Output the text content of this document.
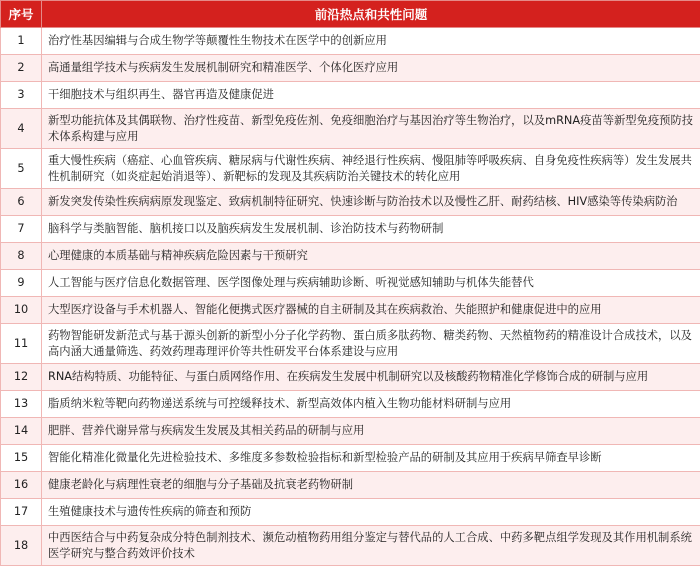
序号	前沿热点和共性问题
1	治疗性基因编辑与合成生物学等颠覆性生物技术在医学中的创新应用
2	高通量组学技术与疾病发生发展机制研究和精准医学、个体化医疗应用
3	干细胞技术与组织再生、器官再造及健康促进
4	新型功能抗体及其偶联物、治疗性疫苗、新型免疫佐剂、免疫细胞治疗与基因治疗等生物治疗，以及mRNA疫苗等新型免疫预防技术体系构建与应用
5	重大慢性疾病（癌症、心血管疾病、糖尿病与代谢性疾病、神经退行性疾病、慢阻肺等呼吸疾病、自身免疫性疾病等）发生发展共性机制研究（如炎症起始消退等）、新靶标的发现及其疾病防治关键技术的转化应用
6	新发突发传染性疾病病原发现鉴定、致病机制特征研究、快速诊断与防治技术以及慢性乙肝、耐药结核、HIV感染等传染病防治
7	脑科学与类脑智能、脑机接口以及脑疾病发生发展机制、诊治防技术与药物研制
8	心理健康的本质基础与精神疾病危险因素与干预研究
9	人工智能与医疗信息化数据管理、医学图像处理与疾病辅助诊断、听视觉感知辅助与机体失能替代
10	大型医疗设备与手术机器人、智能化便携式医疗器械的自主研制及其在疾病救治、失能照护和健康促进中的应用
11	药物智能研发新范式与基于源头创新的新型小分子化学药物、蛋白质多肽药物、糖类药物、天然植物药的精准设计合成技术，以及高内涵大通量筛选、药效药理毒理评价等共性研发平台体系建设与应用
12	RNA结构特质、功能特征、与蛋白质网络作用、在疾病发生发展中机制研究以及核酸药物精准化学修饰合成的研制与应用
13	脂质纳米粒等靶向药物递送系统与可控缓释技术、新型高效体内植入生物功能材料研制与应用
14	肥胖、营养代谢异常与疾病发生发展及其相关药品的研制与应用
15	智能化精准化微量化先进检验技术、多维度多参数检验指标和新型检验产品的研制及其应用于疾病早筛查早诊断
16	健康老龄化与病理性衰老的细胞与分子基础及抗衰老药物研制
17	生殖健康技术与遗传性疾病的筛查和预防
18	中西医结合与中药复杂成分特色制剂技术、濒危动植物药用组分鉴定与替代品的人工合成、中药多靶点组学发现及其作用机制系统医学研究与整合药效评价技术
